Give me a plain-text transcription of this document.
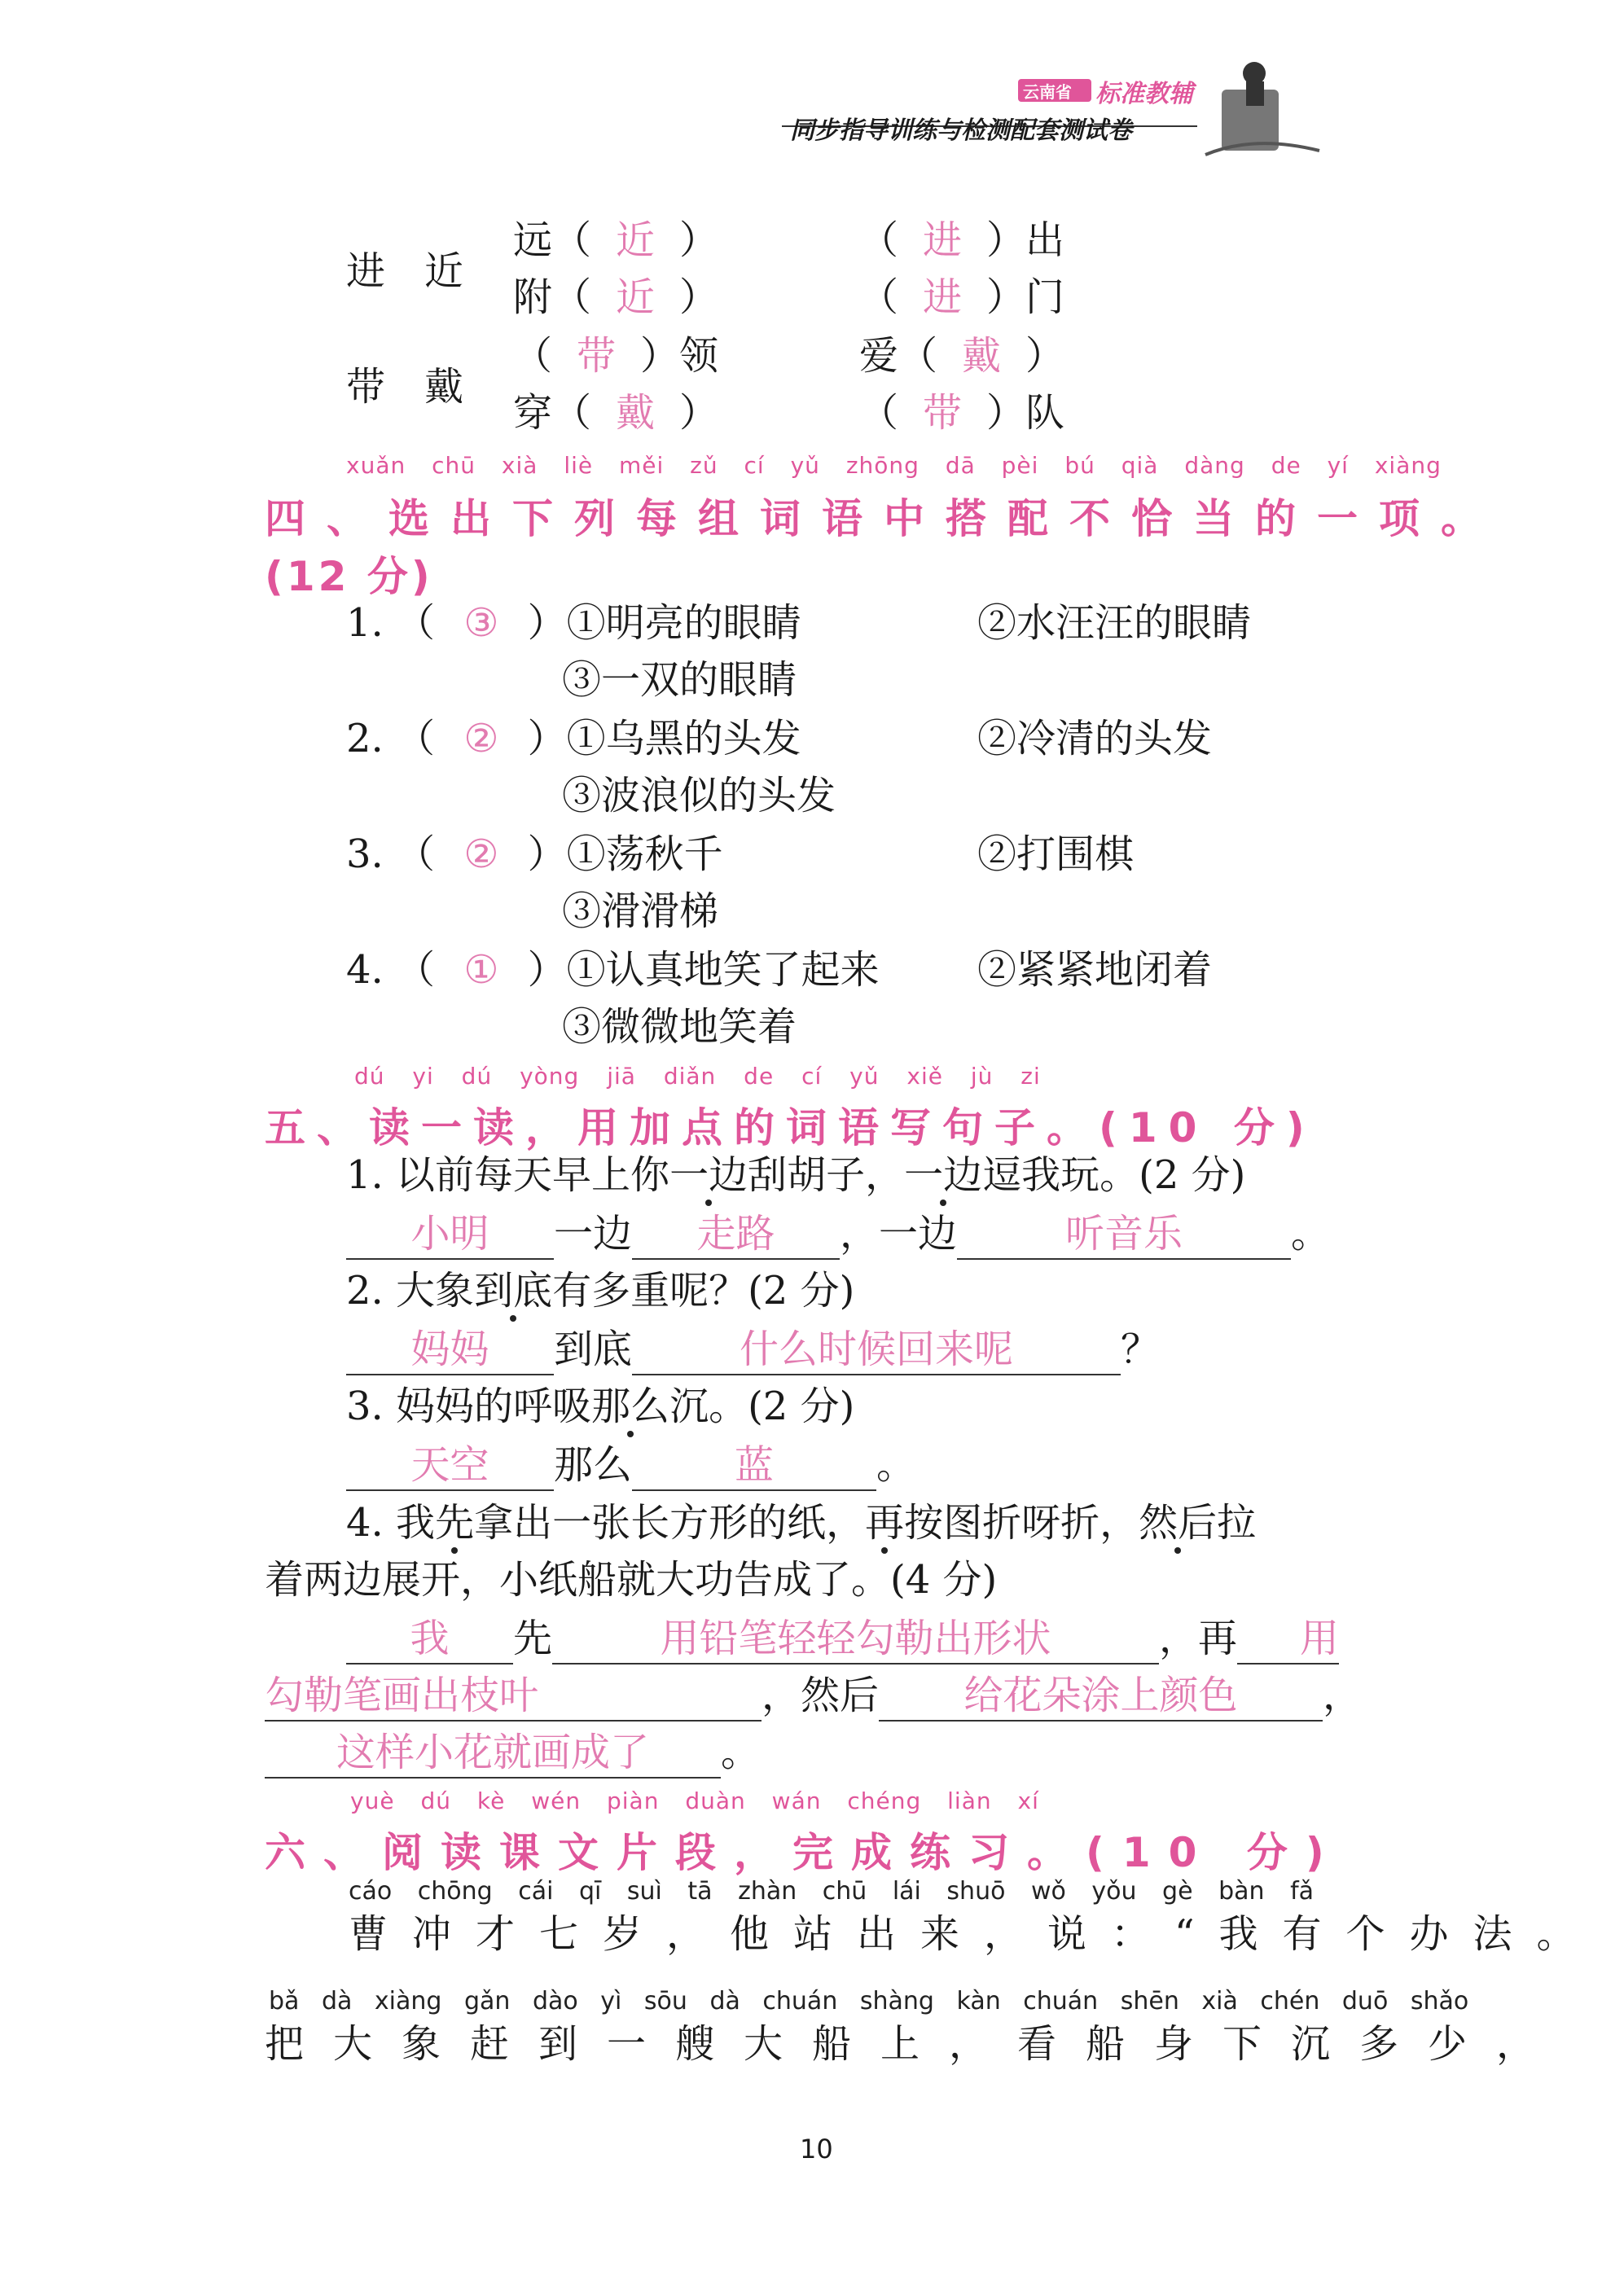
云南省 标准教辅
同步指导训练与检测配套测试卷
进　近
远（ 近 ）	（ 进 ）出
附（ 近 ）	（ 进 ）门
带　戴
（ 带 ）领	爱（ 戴 ）
穿（ 戴 ）	（ 带 ）队
xuǎn chū xià liè měi zǔ cí yǔ zhōng dā pèi bú qià dàng de yí xiàng
四、选出下列每组词语中搭配不恰当的一项。
(12 分)
1. （ ③ ）①明亮的眼睛	②水汪汪的眼睛
③一双的眼睛
2. （ ② ）①乌黑的头发	②冷清的头发
③波浪似的头发
3. （ ② ）①荡秋千	②打围棋
③滑滑梯
4. （ ① ）①认真地笑了起来	②紧紧地闭着
③微微地笑着
dú yi dú yòng jiā diǎn de cí yǔ xiě jù zi
五、读一读，用加点的词语写句子。(10 分)
1. 以前每天早上你一边刮胡子，一边逗我玩。(2 分)
小明 一边 走路 ，一边	听音乐	。
2. 大象到底有多重呢？(2 分)
妈妈 到底	什么时候回来呢	？
3. 妈妈的呼吸那么沉。(2 分)
天空 那么	蓝	。
4. 我先拿出一张长方形的纸，再按图折呀折，然后拉
着两边展开，小纸船就大功告成了。(4 分)
我 先	用铅笔轻轻勾勒出形状	，再 用
勾勒笔画出枝叶	，然后 给花朵涂上颜色 ，
这样小花就画成了 。
yuè dú kè wén piàn duàn wán chéng liàn xí
六、阅读课文片段，完成练习。(10 分)
cáo chōng cái qī suì tā zhàn chū lái shuō wǒ yǒu gè bàn fǎ
曹冲才七岁，他站出来，说：“我有个办法。
bǎ dà xiàng gǎn dào yì sōu dà chuán shàng kàn chuán shēn xià chén duō shǎo
把大象赶到一艘大船上，看船身下沉多少，
10
